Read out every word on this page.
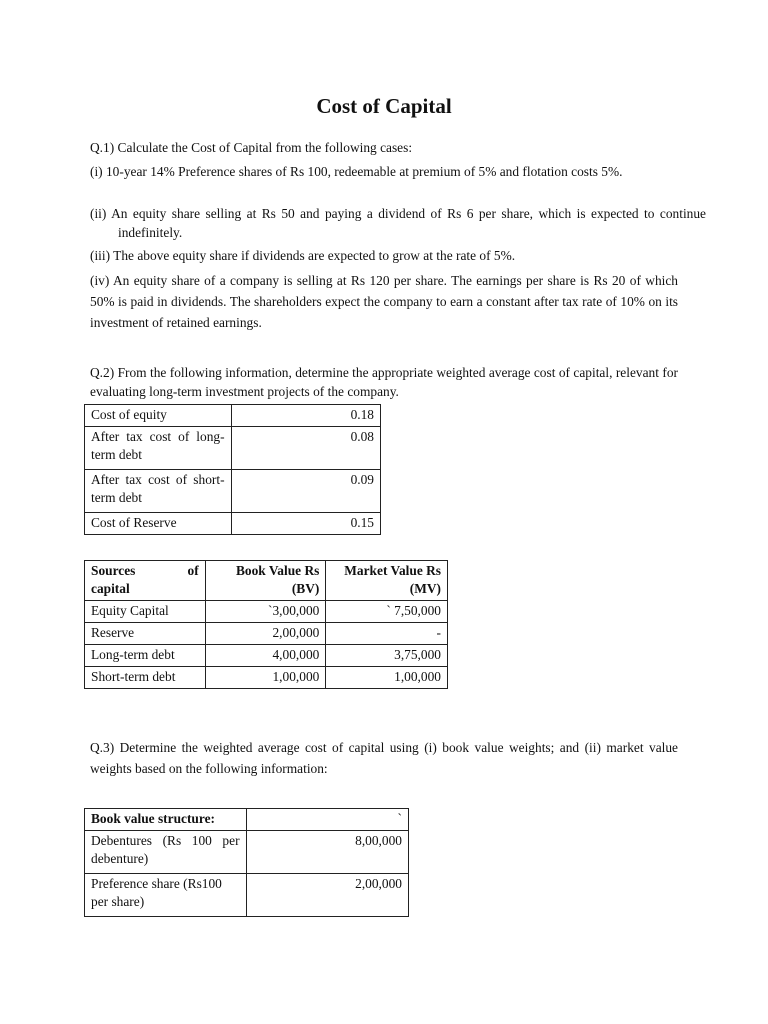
Cost of Capital
Q.1) Calculate the Cost of Capital from the following cases:
(i) 10-year 14% Preference shares of Rs 100, redeemable at premium of 5% and flotation costs 5%.
(ii) An equity share selling at Rs 50 and paying a dividend of Rs 6 per share, which is expected to continue indefinitely.
(iii) The above equity share if dividends are expected to grow at the rate of 5%.
(iv) An equity share of a company is selling at Rs 120 per share. The earnings per share is Rs 20 of which 50% is paid in dividends. The shareholders expect the company to earn a constant after tax rate of 10% on its investment of retained earnings.
Q.2) From the following information, determine the appropriate weighted average cost of capital, relevant for evaluating long-term investment projects of the company.
Cost of equity	0.18
After tax cost of long-term debt	0.08
After tax cost of short-term debt	0.09
Cost of Reserve	0.15
Sources of
capital	Book Value Rs (BV)	Market Value Rs (MV)
Equity Capital	`3,00,000	` 7,50,000
Reserve	2,00,000	-
Long-term debt	4,00,000	3,75,000
Short-term debt	1,00,000	1,00,000
Q.3) Determine the weighted average cost of capital using (i) book value weights; and (ii) market value weights based on the following information:
Book value structure:	`
Debentures (Rs 100 per debenture)	8,00,000
Preference share (Rs100 per share)	2,00,000
